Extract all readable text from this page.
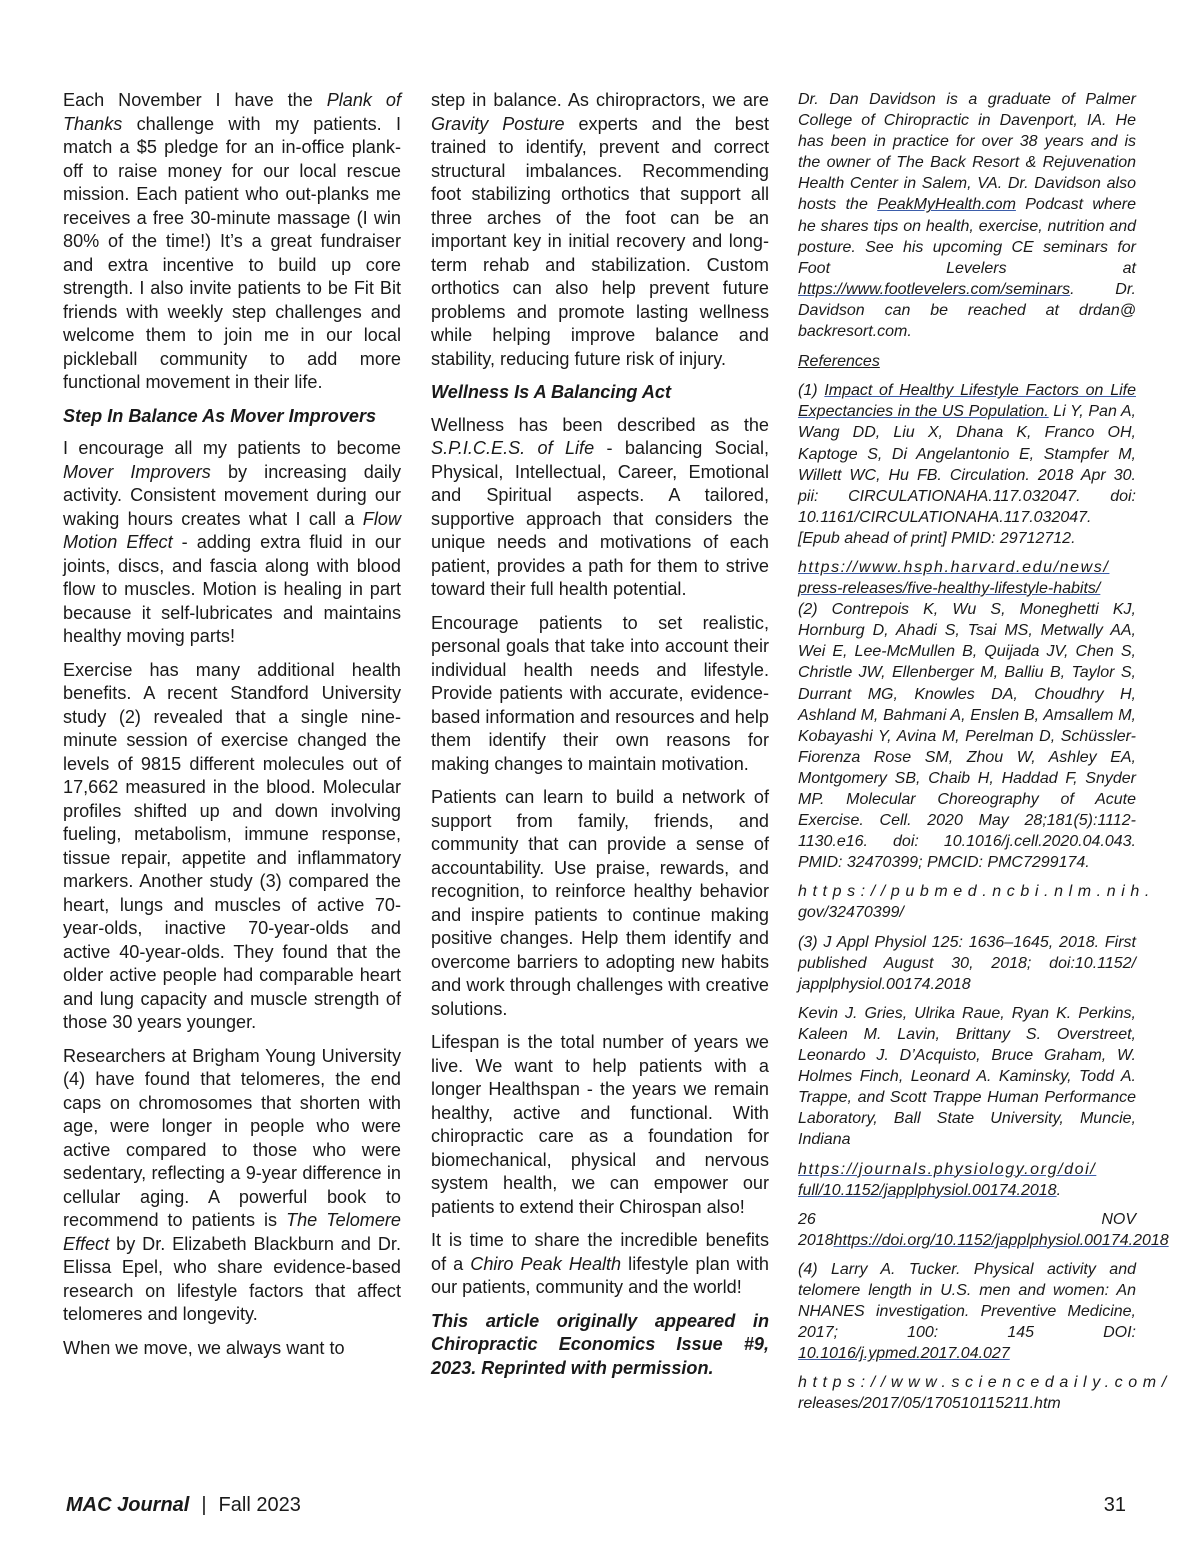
Each November I have the Plank of Thanks challenge with my patients. I match a $5 pledge for an in-office plank-off to raise money for our local rescue mission. Each patient who out-planks me receives a free 30-minute massage (I win 80% of the time!) It’s a great fundraiser and extra incentive to build up core strength. I also invite patients to be Fit Bit friends with weekly step challenges and welcome them to join me in our local pickleball community to add more functional movement in their life.

Step In Balance As Mover Improvers

I encourage all my patients to become Mover Improvers by increasing daily activity. Consistent movement during our waking hours creates what I call a Flow Motion Effect - adding extra fluid in our joints, discs, and fascia along with blood flow to muscles. Motion is healing in part because it self-lubricates and maintains healthy moving parts!

Exercise has many additional health benefits. A recent Standford University study (2) revealed that a single nine-minute session of exercise changed the levels of 9815 different molecules out of 17,662 measured in the blood. Molecular profiles shifted up and down involving fueling, metabolism, immune response, tissue repair, appetite and inflammatory markers. Another study (3) compared the heart, lungs and muscles of active 70-year-olds, inactive 70-year-olds and active 40-year-olds. They found that the older active people had comparable heart and lung capacity and muscle strength of those 30 years younger.

Researchers at Brigham Young University (4) have found that telomeres, the end caps on chromosomes that shorten with age, were longer in people who were active compared to those who were sedentary, reflecting a 9-year difference in cellular aging. A powerful book to recommend to patients is The Telomere Effect by Dr. Elizabeth Blackburn and Dr. Elissa Epel, who share evidence-based research on lifestyle factors that affect telomeres and longevity.

When we move, we always want to

step in balance. As chiropractors, we are Gravity Posture experts and the best trained to identify, prevent and correct structural imbalances. Recommending foot stabilizing orthotics that support all three arches of the foot can be an important key in initial recovery and long-term rehab and stabilization. Custom orthotics can also help prevent future problems and promote lasting wellness while helping improve balance and stability, reducing future risk of injury.

Wellness Is A Balancing Act

Wellness has been described as the S.P.I.C.E.S. of Life - balancing Social, Physical, Intellectual, Career, Emotional and Spiritual aspects. A tailored, supportive approach that considers the unique needs and motivations of each patient, provides a path for them to strive toward their full health potential.

Encourage patients to set realistic, personal goals that take into account their individual health needs and lifestyle. Provide patients with accurate, evidence-based information and resources and help them identify their own reasons for making changes to maintain motivation.

Patients can learn to build a network of support from family, friends, and community that can provide a sense of accountability. Use praise, rewards, and recognition, to reinforce healthy behavior and inspire patients to continue making positive changes. Help them identify and overcome barriers to adopting new habits and work through challenges with creative solutions.

Lifespan is the total number of years we live. We want to help patients with a longer Healthspan - the years we remain healthy, active and functional. With chiropractic care as a foundation for biomechanical, physical and nervous system health, we can empower our patients to extend their Chirospan also!

It is time to share the incredible benefits of a Chiro Peak Health lifestyle plan with our patients, community and the world!

This article originally appeared in Chiropractic Economics Issue #9, 2023. Reprinted with permission.

Dr. Dan Davidson is a graduate of Palmer College of Chiropractic in Davenport, IA. He has been in practice for over 38 years and is the owner of The Back Resort & Rejuvenation Health Center in Salem, VA. Dr. Davidson also hosts the PeakMyHealth.com Podcast where he shares tips on health, exercise, nutrition and posture. See his upcoming CE seminars for Foot Levelers at https://www.footlevelers.com/seminars. Dr. Davidson can be reached at drdan@ backresort.com.

References

(1) Impact of Healthy Lifestyle Factors on Life Expectancies in the US Population. Li Y, Pan A, Wang DD, Liu X, Dhana K, Franco OH, Kaptoge S, Di Angelantonio E, Stampfer M, Willett WC, Hu FB. Circulation. 2018 Apr 30. pii: CIRCULATIONAHA.117.032047. doi: 10.1161/CIRCULATIONAHA.117.032047. [Epub ahead of print] PMID: 29712712.

https://www.hsph.harvard.edu/news/
press-releases/five-healthy-lifestyle-habits/

(2) Contrepois K, Wu S, Moneghetti KJ, Hornburg D, Ahadi S, Tsai MS, Metwally AA, Wei E, Lee-McMullen B, Quijada JV, Chen S, Christle JW, Ellenberger M, Balliu B, Taylor S, Durrant MG, Knowles DA, Choudhry H, Ashland M, Bahmani A, Enslen B, Amsallem M, Kobayashi Y, Avina M, Perelman D, Schüssler-Fiorenza Rose SM, Zhou W, Ashley EA, Montgomery SB, Chaib H, Haddad F, Snyder MP. Molecular Choreography of Acute Exercise. Cell. 2020 May 28;181(5):1112-1130.e16. doi: 10.1016/j.cell.2020.04.043. PMID: 32470399; PMCID: PMC7299174.

https://pubmed.ncbi.nlm.nih.
gov/32470399/

(3) J Appl Physiol 125: 1636–1645, 2018. First published August 30, 2018; doi:10.1152/ japplphysiol.00174.2018

Kevin J. Gries, Ulrika Raue, Ryan K. Perkins, Kaleen M. Lavin, Brittany S. Overstreet, Leonardo J. D’Acquisto, Bruce Graham, W. Holmes Finch, Leonard A. Kaminsky, Todd A. Trappe, and Scott Trappe Human Performance Laboratory, Ball State University, Muncie, Indiana

https://journals.physiology.org/doi/
full/10.1152/japplphysiol.00174.2018.

26 NOV 2018https://doi.org/10.1152/japplphysiol.00174.2018

(4) Larry A. Tucker. Physical activity and telomere length in U.S. men and women: An NHANES investigation. Preventive Medicine, 2017; 100: 145 DOI: 10.1016/j.ypmed.2017.04.027

https://www.sciencedaily.com/
releases/2017/05/170510115211.htm

MAC Journal | Fall 2023	31
